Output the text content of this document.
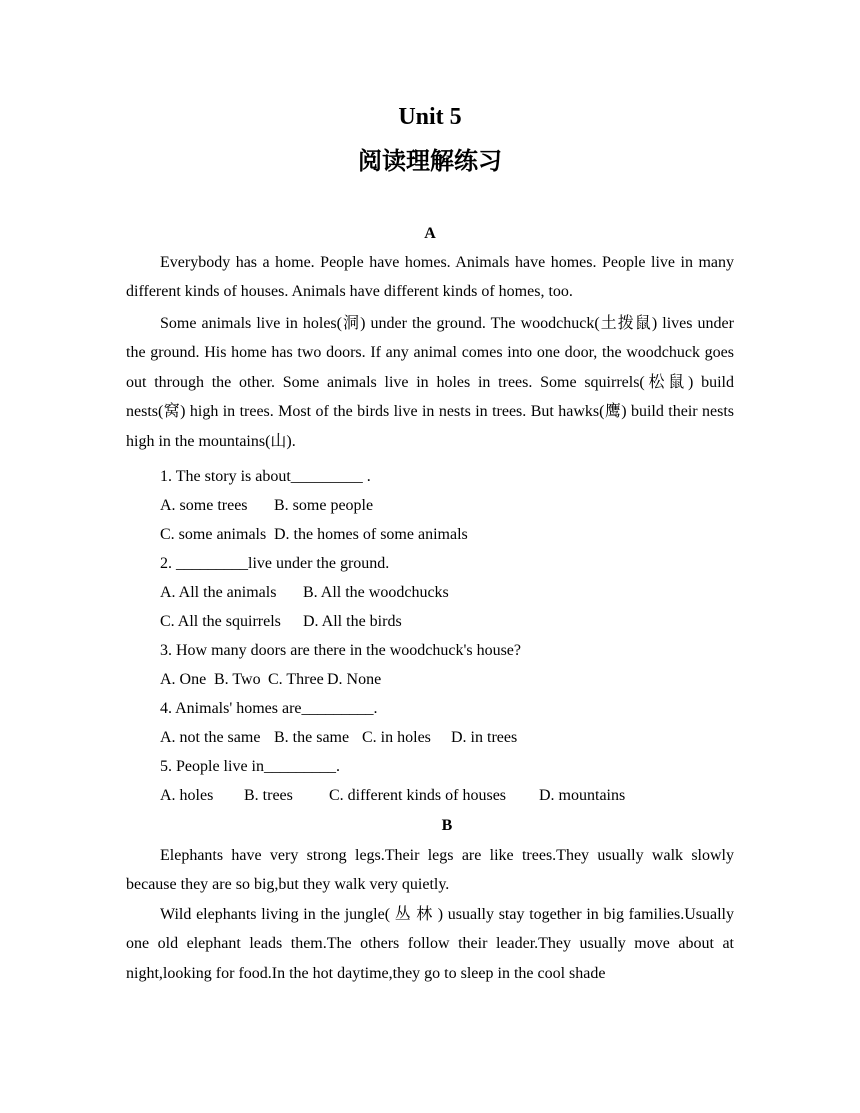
Unit 5
阅读理解练习
A

Everybody has a home. People have homes. Animals have homes. People live in many different kinds of houses. Animals have different kinds of homes, too.

Some animals live in holes(洞) under the ground. The woodchuck(土拨鼠) lives under the ground. His home has two doors. If any animal comes into one door, the woodchuck goes out through the other. Some animals live in holes in trees. Some squirrels(松鼠) build nests(窝) high in trees. Most of the birds live in nests in trees. But hawks(鹰) build their nests high in the mountains(山).

1. The story is about_________ .
A. some trees B. some people
C. some animals D. the homes of some animals
2. _________live under the ground.
A. All the animals B. All the woodchucks
C. All the squirrels D. All the birds
3. How many doors are there in the woodchuck's house?
A. One B. Two C. Three D. None
4. Animals' homes are_________.
A. not the same B. the same C. in holes D. in trees
5. People live in_________.
A. holes B. trees C. different kinds of houses D. mountains
B

Elephants have very strong legs.Their legs are like trees.They usually walk slowly because they are so big,but they walk very quietly.

Wild elephants living in the jungle( 丛 林 ) usually stay together in big families.Usually one old elephant leads them.The others follow their leader.They usually move about at night,looking for food.In the hot daytime,they go to sleep in the cool shade
